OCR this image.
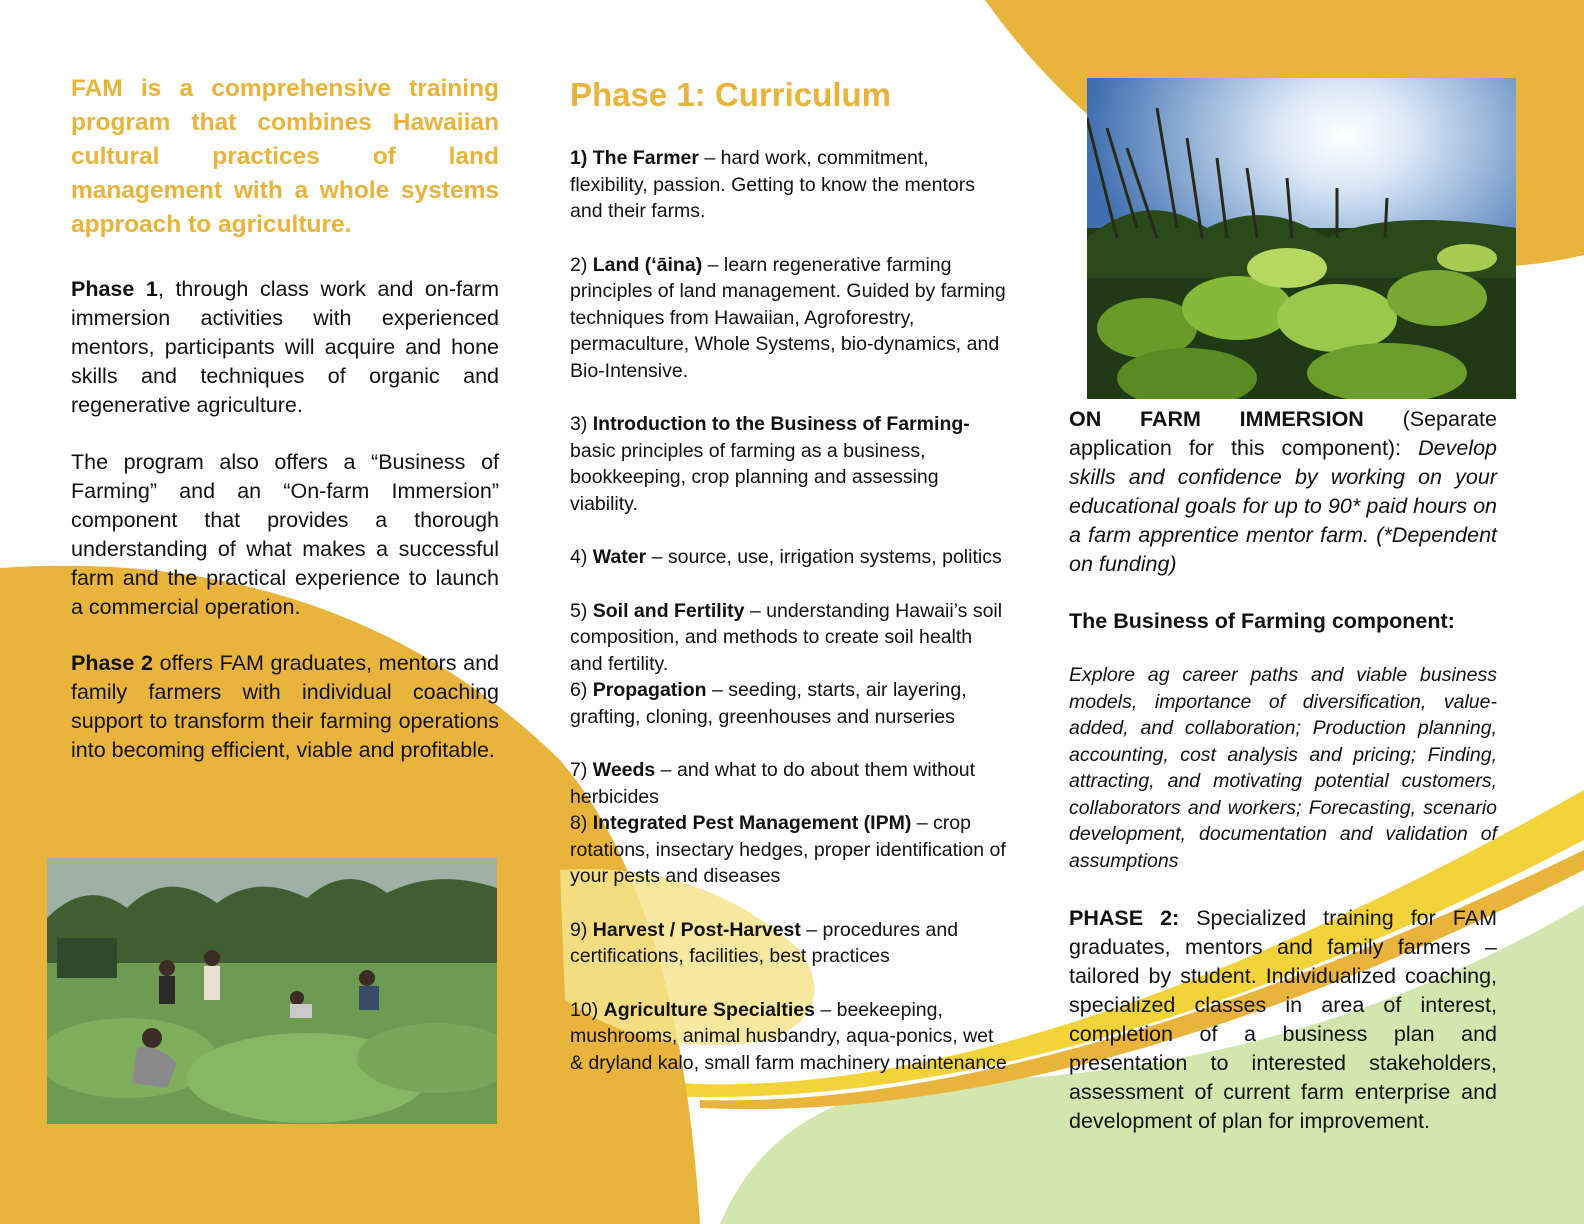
FAM is a comprehensive training program that combines Hawaiian cultural practices of land management with a whole systems approach to agriculture.

Phase 1, through class work and on-farm immersion activities with experienced mentors, participants will acquire and hone skills and techniques of organic and regenerative agriculture.

The program also offers a “Business of Farming” and an “On-farm Immersion” component that provides a thorough understanding of what makes a successful farm and the practical experience to launch a commercial operation.

Phase 2 offers FAM graduates, mentors and family farmers with individual coaching support to transform their farming operations into becoming efficient, viable and profitable.

Phase 1: Curriculum

1) The Farmer – hard work, commitment, flexibility, passion. Getting to know the mentors and their farms.

2) Land (ʻāina) – learn regenerative farming principles of land management. Guided by farming techniques from Hawaiian, Agroforestry, permaculture, Whole Systems, bio-dynamics, and Bio-Intensive.

3) Introduction to the Business of Farming- basic principles of farming as a business, bookkeeping, crop planning and assessing viability.

4) Water – source, use, irrigation systems, politics

5) Soil and Fertility – understanding Hawaii’s soil composition, and methods to create soil health and fertility.

6) Propagation – seeding, starts, air layering, grafting, cloning, greenhouses and nurseries

7) Weeds – and what to do about them without herbicides

8) Integrated Pest Management (IPM) – crop rotations, insectary hedges, proper identification of your pests and diseases

9) Harvest / Post-Harvest – procedures and certifications, facilities, best practices

10) Agriculture Specialties – beekeeping, mushrooms, animal husbandry, aqua-ponics, wet & dryland kalo, small farm machinery maintenance

ON FARM IMMERSION (Separate application for this component): Develop skills and confidence by working on your educational goals for up to 90* paid hours on a farm apprentice mentor farm. (*Dependent on funding)

The Business of Farming component:

Explore ag career paths and viable business models, importance of diversification, value-added, and collaboration; Production planning, accounting, cost analysis and pricing; Finding, attracting, and motivating potential customers, collaborators and workers; Forecasting, scenario development, documentation and validation of assumptions

PHASE 2: Specialized training for FAM graduates, mentors and family farmers – tailored by student. Individualized coaching, specialized classes in area of interest, completion of a business plan and presentation to interested stakeholders, assessment of current farm enterprise and development of plan for improvement.
